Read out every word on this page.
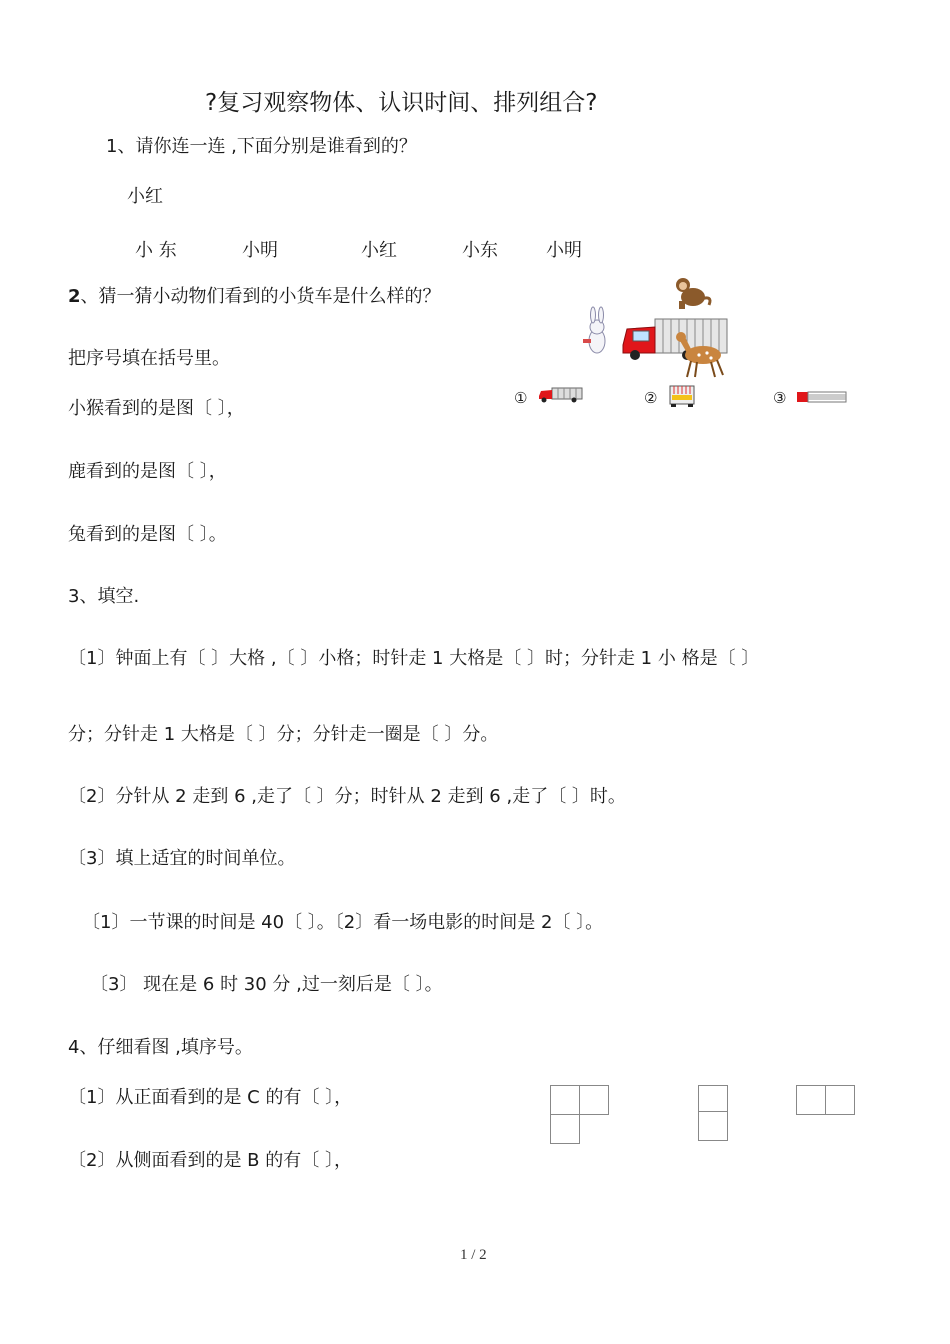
?复习观察物体、认识时间、排列组合?
1、请你连一连 ,下面分别是谁看到的？
小红
小 东	小明	小红	小东	小明
2、猜一猜小动物们看到的小货车是什么样的？
把序号填在括号里。
小猴看到的是图〔 〕，
鹿看到的是图〔 〕，
兔看到的是图〔 〕。
①	②	③
3、填空.
〔1〕钟面上有〔 〕大格 ,〔 〕小格；时针走 1 大格是〔 〕时；分针走 1 小 格是〔 〕
分；分针走 1 大格是〔 〕分；分针走一圈是〔 〕分。
〔2〕分针从 2 走到 6 ,走了〔 〕分；时针从 2 走到 6 ,走了〔 〕时。
〔3〕填上适宜的时间单位。
〔1〕一节课的时间是 40〔 〕。〔2〕看一场电影的时间是 2〔 〕。
〔3〕 现在是 6 时 30 分 ,过一刻后是〔 〕。
4、仔细看图 ,填序号。
〔1〕从正面看到的是 C 的有〔 〕，
〔2〕从侧面看到的是 B 的有〔 〕，
1 / 2
